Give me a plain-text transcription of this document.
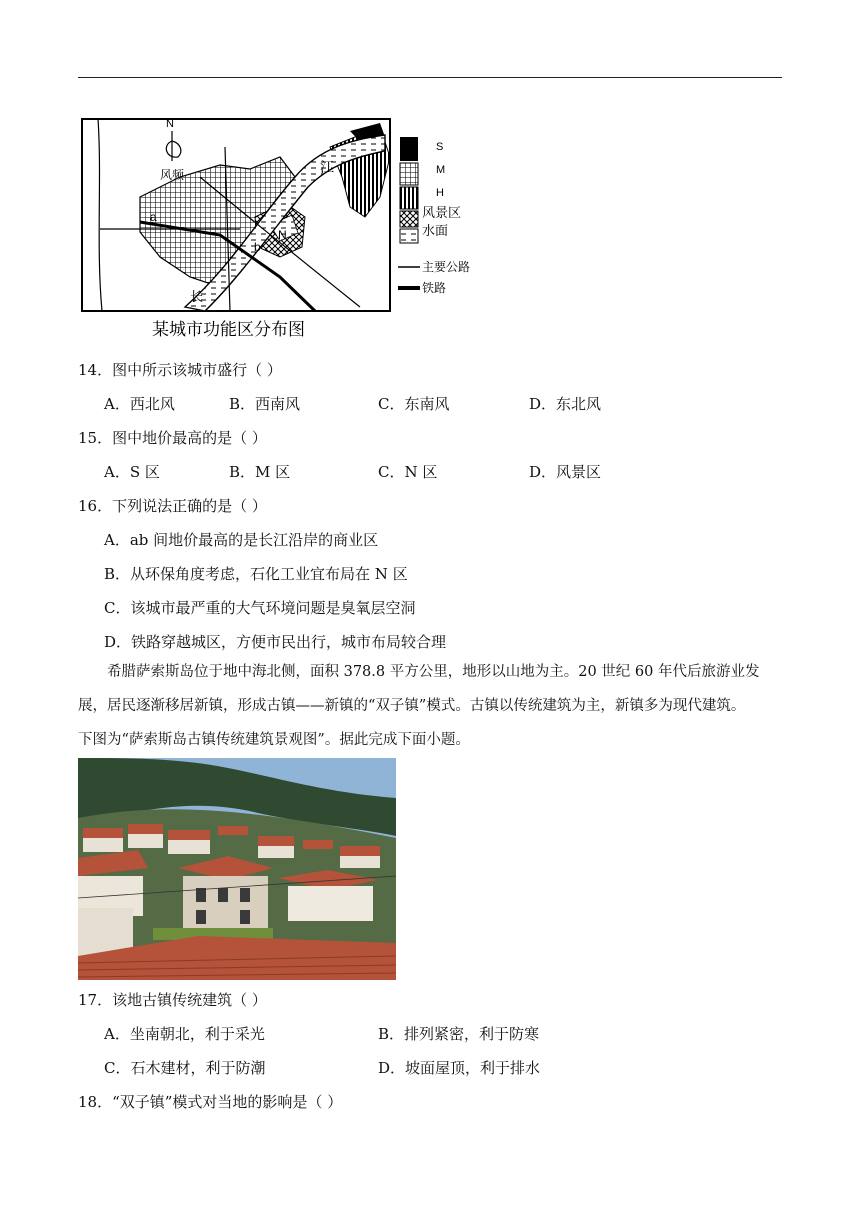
N
风频	江
a
b
N
长
S
M
H
风景区
水面
主要公路
铁路
某城市功能区分布图
14．图中所示该城市盛行（ ）
A．西北风	B．西南风	C．东南风	D．东北风
15．图中地价最高的是（ ）
A．S 区	B．M 区	C．N 区	D．风景区
16．下列说法正确的是（ ）
A．ab 间地价最高的是长江沿岸的商业区
B．从环保角度考虑，石化工业宜布局在 N 区
C．该城市最严重的大气环境问题是臭氧层空洞
D．铁路穿越城区，方便市民出行，城市布局较合理

希腊萨索斯岛位于地中海北侧，面积 378.8 平方公里，地形以山地为主。20 世纪 60 年代后旅游业发

展，居民逐渐移居新镇，形成古镇——新镇的“双子镇”模式。古镇以传统建筑为主，新镇多为现代建筑。

下图为“萨索斯岛古镇传统建筑景观图”。据此完成下面小题。

17．该地古镇传统建筑（ ）
A．坐南朝北，利于采光	B．排列紧密，利于防寒
C．石木建材，利于防潮	D．坡面屋顶，利于排水
18．“双子镇”模式对当地的影响是（ ）
